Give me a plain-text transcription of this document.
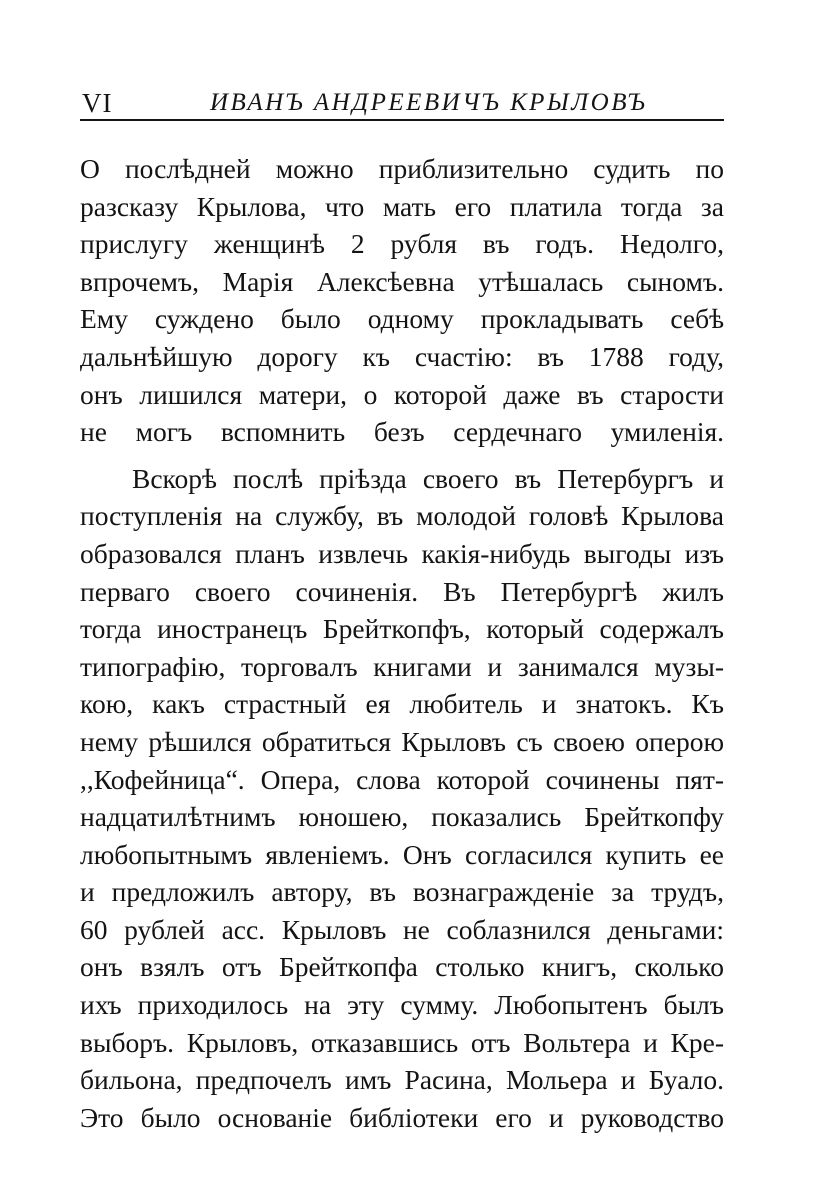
VI	ИВАНЪ АНДРЕЕВИЧЪ КРЫЛОВЪ
О послѣдней можно приблизительно судить по
разсказу Крылова, что мать его платила тогда за
прислугу женщинѣ 2 рубля въ годъ. Недолго,
впрочемъ, Марія Алексѣевна утѣшалась сыномъ.
Ему суждено было одному прокладывать себѣ
дальнѣйшую дорогу къ счастію: въ 1788 году,
онъ лишился матери, о которой даже въ старости
не могъ вспомнить безъ сердечнаго умиленія.
Вскорѣ послѣ пріѣзда своего въ Петербургъ и
поступленія на службу, въ молодой головѣ Крылова
образовался планъ извлечь какія-нибудь выгоды изъ
перваго своего сочиненія. Въ Петербургѣ жилъ
тогда иностранецъ Брейткопфъ, который содержалъ
типографію, торговалъ книгами и занимался музы-
кою, какъ страстный ея любитель и знатокъ. Къ
нему рѣшился обратиться Крыловъ съ своею оперою
,,Кофейница“. Опера, слова которой сочинены пят-
надцатилѣтнимъ юношею, показались Брейткопфу
любопытнымъ явленіемъ. Онъ согласился купить ее
и предложилъ автору, въ вознагражденіе за трудъ,
60 рублей асс. Крыловъ не соблазнился деньгами:
онъ взялъ отъ Брейткопфа столько книгъ, сколько
ихъ приходилось на эту сумму. Любопытенъ былъ
выборъ. Крыловъ, отказавшись отъ Вольтера и Кре-
бильона, предпочелъ имъ Расина, Мольера и Буало.
Это было основаніе библіотеки его и руководство
